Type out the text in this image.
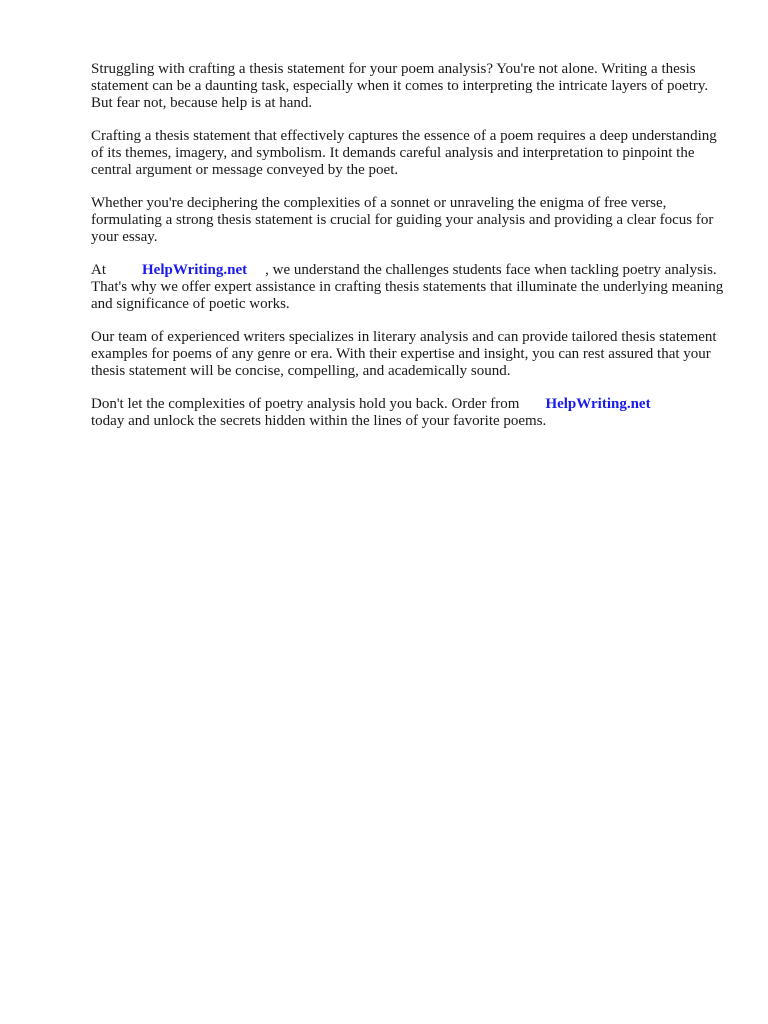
Struggling with crafting a thesis statement for your poem analysis? You're not alone. Writing a thesis statement can be a daunting task, especially when it comes to interpreting the intricate layers of poetry. But fear not, because help is at hand.

Crafting a thesis statement that effectively captures the essence of a poem requires a deep understanding of its themes, imagery, and symbolism. It demands careful analysis and interpretation to pinpoint the central argument or message conveyed by the poet.

Whether you're deciphering the complexities of a sonnet or unraveling the enigma of free verse, formulating a strong thesis statement is crucial for guiding your analysis and providing a clear focus for your essay.

At HelpWriting.net , we understand the challenges students face when tackling poetry analysis. That's why we offer expert assistance in crafting thesis statements that illuminate the underlying meaning and significance of poetic works.

Our team of experienced writers specializes in literary analysis and can provide tailored thesis statement examples for poems of any genre or era. With their expertise and insight, you can rest assured that your thesis statement will be concise, compelling, and academically sound.

Don't let the complexities of poetry analysis hold you back. Order from HelpWriting.net
today and unlock the secrets hidden within the lines of your favorite poems.
